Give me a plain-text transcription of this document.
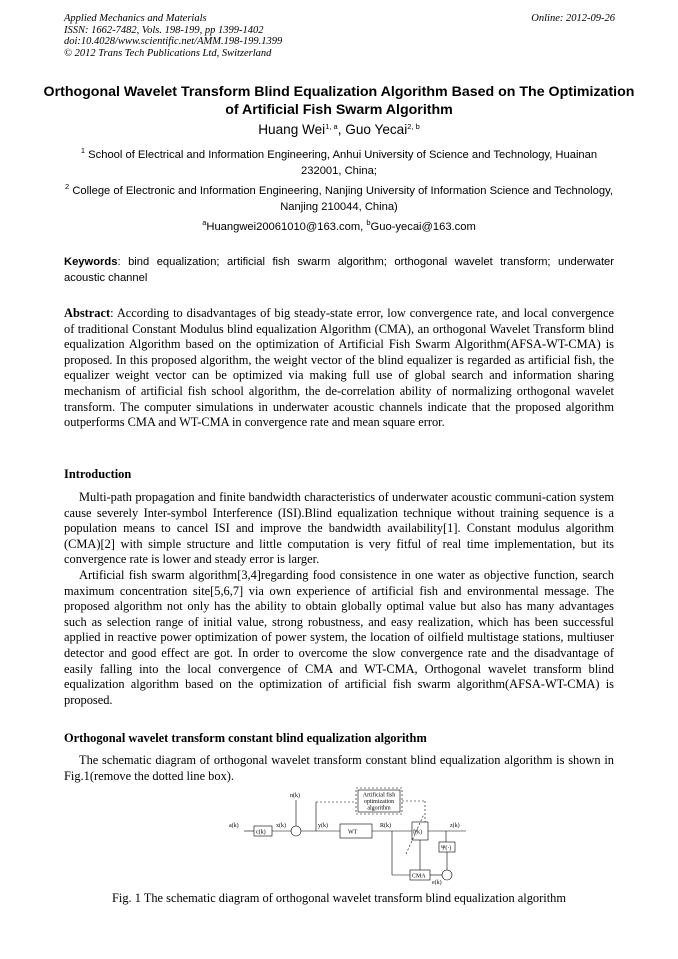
Applied Mechanics and Materials
ISSN: 1662-7482, Vols. 198-199, pp 1399-1402
doi:10.4028/www.scientific.net/AMM.198-199.1399
© 2012 Trans Tech Publications Ltd, Switzerland
Online: 2012-09-26
Orthogonal Wavelet Transform Blind Equalization Algorithm Based on The Optimization of Artificial Fish Swarm Algorithm
Huang Wei$^{1, a}$, Guo Yecai$^{2, b}$
$^1$ School of Electrical and Information Engineering, Anhui University of Science and Technology, Huainan 232001, China;
$^2$ College of Electronic and Information Engineering, Nanjing University of Information Science and Technology, Nanjing 210044, China)
$^a$Huangwei20061010@163.com, $^b$Guo-yecai@163.com
Keywords: bind equalization; artificial fish swarm algorithm; orthogonal wavelet transform; underwater acoustic channel
Abstract: According to disadvantages of big steady-state error, low convergence rate, and local convergence of traditional Constant Modulus blind equalization Algorithm (CMA), an orthogonal Wavelet Transform blind equalization Algorithm based on the optimization of Artificial Fish Swarm Algorithm(AFSA-WT-CMA) is proposed. In this proposed algorithm, the weight vector of the blind equalizer is regarded as artificial fish, the equalizer weight vector can be optimized via making full use of global search and information sharing mechanism of artificial fish school algorithm, the de-correlation ability of normalizing orthogonal wavelet transform. The computer simulations in underwater acoustic channels indicate that the proposed algorithm outperforms CMA and WT-CMA in convergence rate and mean square error.
Introduction
Multi-path propagation and finite bandwidth characteristics of underwater acoustic communi-cation system cause severely Inter-symbol Interference (ISI).Blind equalization technique without training sequence is a population means to cancel ISI and improve the bandwidth availability[1]. Constant modulus algorithm (CMA)[2] with simple structure and little computation is very fitful of real time implementation, but its convergence rate is lower and steady error is larger.
Artificial fish swarm algorithm[3,4]regarding food consistence in one water as objective function, search maximum concentration site[5,6,7] via own experience of artificial fish and environmental message. The proposed algorithm not only has the ability to obtain globally optimal value but also has many advantages such as selection range of initial value, strong robustness, and easy realization, which has been successful applied in reactive power optimization of power system, the location of oilfield multistage stations, multiuser detector and good effect are got. In order to overcome the slow convergence rate and the disadvantage of easily falling into the local convergence of CMA and WT-CMA, Orthogonal wavelet transform blind equalization algorithm based on the optimization of artificial fish swarm algorithm(AFSA-WT-CMA) is proposed.
Orthogonal wavelet transform constant blind equalization algorithm
The schematic diagram of orthogonal wavelet transform constant blind equalization algorithm is shown in Fig.1(remove the dotted line box).
a(k)
c(k)
x(k)
n(k)
y(k)
WT
R(k)
f(k)
z(k)
Ψ(·)
CMA
e(k)
Artificial fish
optimization
algorithm
Fig. 1 The schematic diagram of orthogonal wavelet transform blind equalization algorithm
